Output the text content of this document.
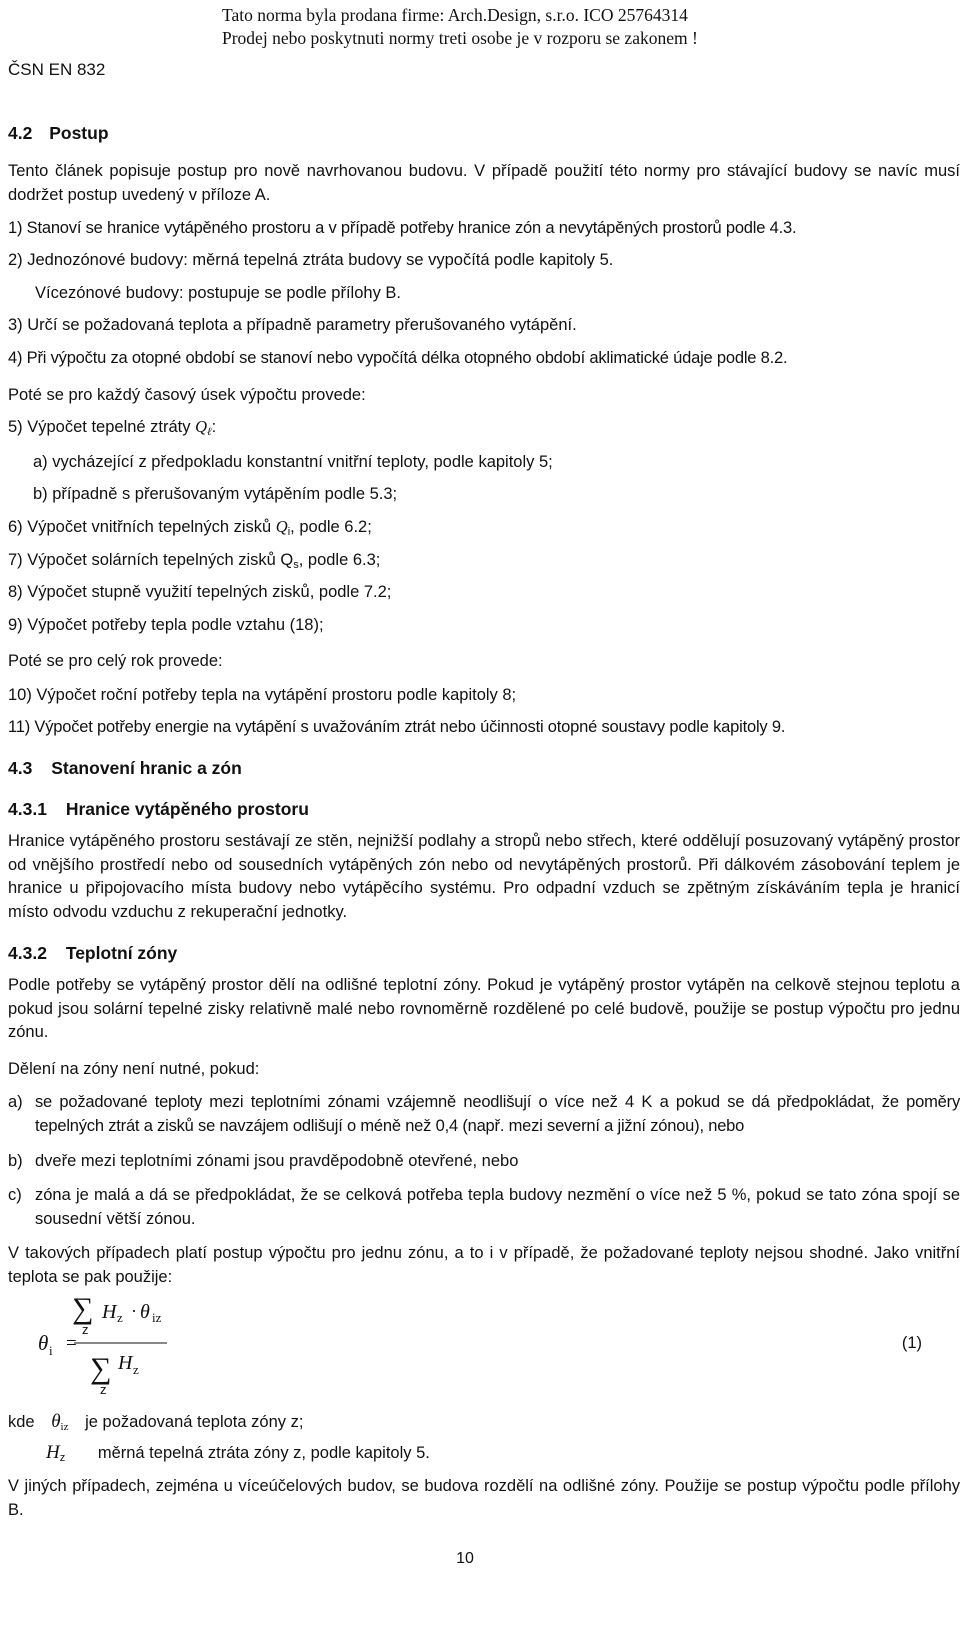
Tato norma byla prodana firme: Arch.Design, s.r.o. ICO 25764314
Prodej nebo poskytnuti normy treti osobe je v rozporu se zakonem !
ČSN EN 832
4.2 Postup
Tento článek popisuje postup pro nově navrhovanou budovu. V případě použití této normy pro stávající budovy se navíc musí dodržet postup uvedený v příloze A.
1) Stanoví se hranice vytápěného prostoru a v případě potřeby hranice zón a nevytápěných prostorů podle 4.3.
2) Jednozónové budovy: měrná tepelná ztráta budovy se vypočítá podle kapitoly 5.
Vícezónové budovy: postupuje se podle přílohy B.
3) Určí se požadovaná teplota a případně parametry přerušovaného vytápění.
4) Při výpočtu za otopné období se stanoví nebo vypočítá délka otopného období aklimatické údaje podle 8.2.
Poté se pro každý časový úsek výpočtu provede:
5) Výpočet tepelné ztráty $Q_\ell$:
a) vycházející z předpokladu konstantní vnitřní teploty, podle kapitoly 5;
b) případně s přerušovaným vytápěním podle 5.3;
6) Výpočet vnitřních tepelných zisků $Q_i$, podle 6.2;
7) Výpočet solárních tepelných zisků $Q_s$, podle 6.3;
8) Výpočet stupně využití tepelných zisků, podle 7.2;
9) Výpočet potřeby tepla podle vztahu (18);
Poté se pro celý rok provede:
10) Výpočet roční potřeby tepla na vytápění prostoru podle kapitoly 8;
11) Výpočet potřeby energie na vytápění s uvažováním ztrát nebo účinnosti otopné soustavy podle kapitoly 9.
4.3 Stanovení hranic a zón
4.3.1 Hranice vytápěného prostoru
Hranice vytápěného prostoru sestávají ze stěn, nejnižší podlahy a stropů nebo střech, které oddělují posuzovaný vytápěný prostor od vnějšího prostředí nebo od sousedních vytápěných zón nebo od nevytápěných prostorů. Při dálkovém zásobování teplem je hranice u připojovacího místa budovy nebo vytápěcího systému. Pro odpadní vzduch se zpětným získáváním tepla je hranicí místo odvodu vzduchu z rekuperační jednotky.
4.3.2 Teplotní zóny
Podle potřeby se vytápěný prostor dělí na odlišné teplotní zóny. Pokud je vytápěný prostor vytápěn na celkově stejnou teplotu a pokud jsou solární tepelné zisky relativně malé nebo rovnoměrně rozdělené po celé budově, použije se postup výpočtu pro jednu zónu.
Dělení na zóny není nutné, pokud:
a) se požadované teploty mezi teplotními zónami vzájemně neodlišují o více než 4 K a pokud se dá předpokládat, že poměry tepelných ztrát a zisků se navzájem odlišují o méně než 0,4 (např. mezi severní a jižní zónou), nebo
b) dveře mezi teplotními zónami jsou pravděpodobně otevřené, nebo
c) zóna je malá a dá se předpokládat, že se celková potřeba tepla budovy nezmění o více než 5 %, pokud se tato zóna spojí se sousední větší zónou.
V takových případech platí postup výpočtu pro jednu zónu, a to i v případě, že požadované teploty nejsou shodné. Jako vnitřní teplota se pak použije:
θ i =
∑
z
H z · θ iz
∑
z
H z
(1)
kde $\theta_{iz}$ je požadovaná teplota zóny z;
$H_z$ měrná tepelná ztráta zóny z, podle kapitoly 5.
V jiných případech, zejména u víceúčelových budov, se budova rozdělí na odlišné zóny. Použije se postup výpočtu podle přílohy B.
10
